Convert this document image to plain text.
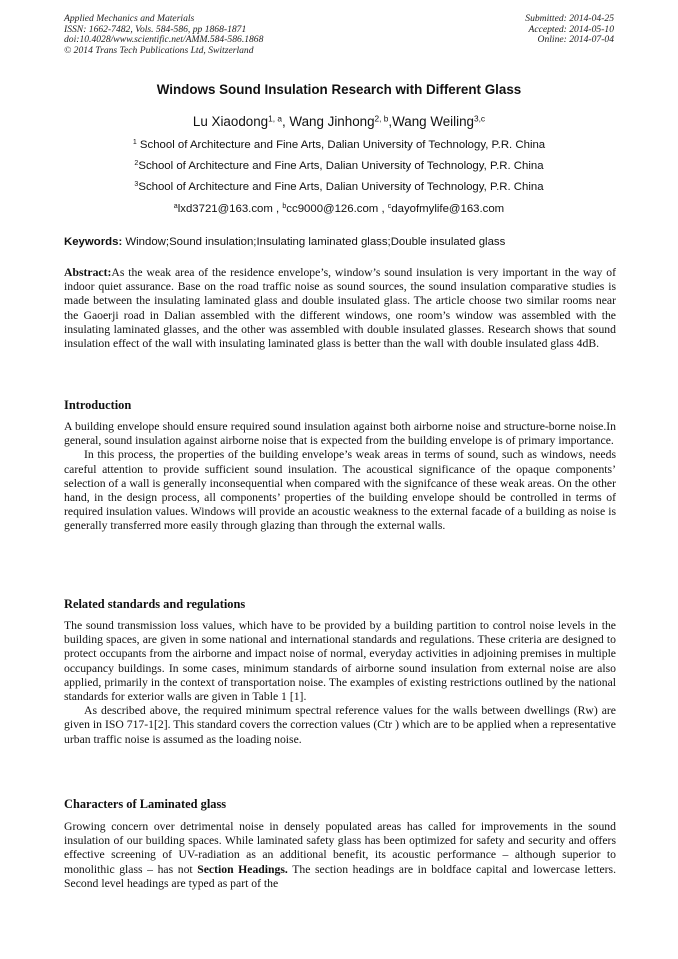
Applied Mechanics and Materials
ISSN: 1662-7482, Vols. 584-586, pp 1868-1871
doi:10.4028/www.scientific.net/AMM.584-586.1868
© 2014 Trans Tech Publications Ltd, Switzerland
Submitted: 2014-04-25
Accepted: 2014-05-10
Online: 2014-07-04
Windows Sound Insulation Research with Different Glass
Lu Xiaodong$^{1, a}$, Wang Jinhong$^{2, b}$,Wang Weiling$^{3,c}$
$^1$ School of Architecture and Fine Arts, Dalian University of Technology, P.R. China
$^2$School of Architecture and Fine Arts, Dalian University of Technology, P.R. China
$^3$School of Architecture and Fine Arts, Dalian University of Technology, P.R. China
$^a$lxd3721@163.com , $^b$cc9000@126.com , $^c$dayofmylife@163.com
Keywords: Window;Sound insulation;Insulating laminated glass;Double insulated glass

Abstract:As the weak area of the residence envelope’s, window’s sound insulation is very important in the way of indoor quiet assurance. Base on the road traffic noise as sound sources, the sound insulation comparative studies is made between the insulating laminated glass and double insulated glass. The article choose two similar rooms near the Gaoerji road in Dalian assembled with the different windows, one room’s window was assembled with the insulating laminated glasses, and the other was assembled with double insulated glasses. Research shows that sound insulation effect of the wall with insulating laminated glass is better than the wall with double insulated glass 4dB.

Introduction

A building envelope should ensure required sound insulation against both airborne noise and structure-borne noise.In general, sound insulation against airborne noise that is expected from the building envelope is of primary importance.

In this process, the properties of the building envelope’s weak areas in terms of sound, such as windows, needs careful attention to provide sufficient sound insulation. The acoustical significance of the opaque components’ selection of a wall is generally inconsequential when compared with the signifcance of these weak areas. On the other hand, in the design process, all components’ properties of the building envelope should be controlled in terms of required insulation values. Windows will provide an acoustic weakness to the external facade of a building as noise is generally transferred more easily through glazing than through the external walls.

Related standards and regulations

The sound transmission loss values, which have to be provided by a building partition to control noise levels in the building spaces, are given in some national and international standards and regulations. These criteria are designed to protect occupants from the airborne and impact noise of normal, everyday activities in adjoining premises in multiple occupancy buildings. In some cases, minimum standards of airborne sound insulation from external noise are also applied, primarily in the context of transportation noise. The examples of existing restrictions outlined by the national standards for exterior walls are given in Table 1 [1].

As described above, the required minimum spectral reference values for the walls between dwellings (Rw) are given in ISO 717-1[2]. This standard covers the correction values (Ctr ) which are to be applied when a representative urban traffic noise is assumed as the loading noise.

Characters of Laminated glass

Growing concern over detrimental noise in densely populated areas has called for improvements in the sound insulation of our building spaces. While laminated safety glass has been optimized for safety and security and offers effective screening of UV-radiation as an additional benefit, its acoustic performance – although superior to monolithic glass – has not Section Headings. The section headings are in boldface capital and lowercase letters. Second level headings are typed as part of the
